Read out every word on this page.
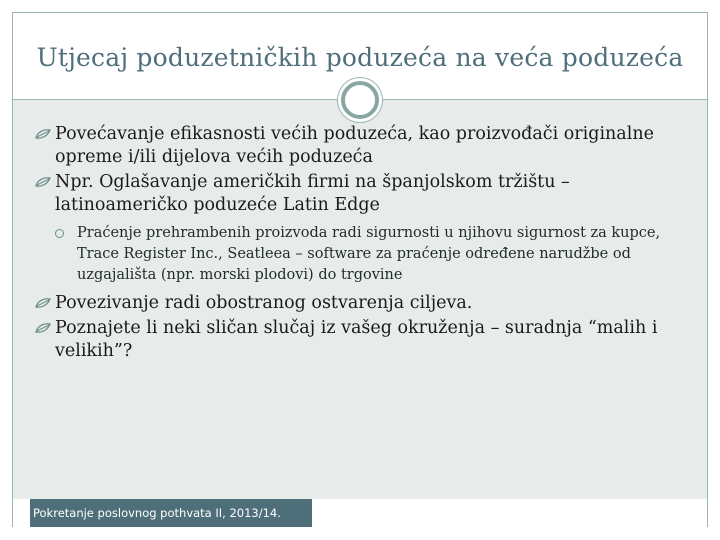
Utjecaj poduzetničkih poduzeća na veća poduzeća
Povećavanje efikasnosti većih poduzeća, kao proizvođači originalne opreme i/ili dijelova većih poduzeća
Npr. Oglašavanje američkih firmi na španjolskom tržištu – latinoameričko poduzeće Latin Edge
Praćenje prehrambenih proizvoda radi sigurnosti u njihovu sigurnost za kupce, Trace Register Inc., Seatleea – software za praćenje određene narudžbe od uzgajališta (npr. morski plodovi) do trgovine
Povezivanje radi obostranog ostvarenja ciljeva.
Poznajete li neki sličan slučaj iz vašeg okruženja – suradnja “malih i velikih”?
Pokretanje poslovnog pothvata II, 2013/14.
